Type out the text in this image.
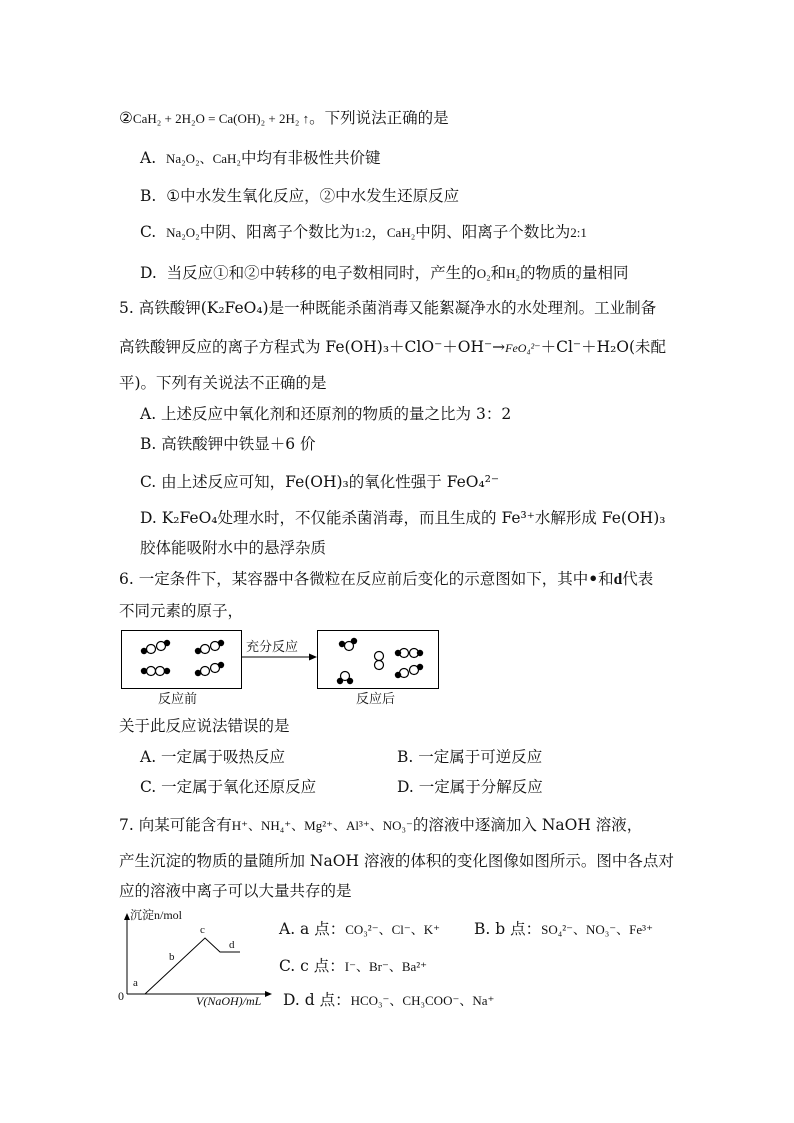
②CaH₂ + 2H₂O = Ca(OH)₂ + 2H₂ ↑。下列说法正确的是
A. Na₂O₂、CaH₂中均有非极性共价键
B. ①中水发生氧化反应，②中水发生还原反应
C. Na₂O₂中阴、阳离子个数比为1:2，CaH₂中阴、阳离子个数比为2:1
D. 当反应①和②中转移的电子数相同时，产生的O₂和H₂的物质的量相同
5. 高铁酸钾(K₂FeO₄)是一种既能杀菌消毒又能絮凝净水的水处理剂。工业制备
高铁酸钾反应的离子方程式为 Fe(OH)₃＋ClO⁻＋OH⁻→FeO₄²⁻＋Cl⁻＋H₂O(未配
平)。下列有关说法不正确的是
A. 上述反应中氧化剂和还原剂的物质的量之比为 3：2
B. 高铁酸钾中铁显＋6 价
C. 由上述反应可知，Fe(OH)₃的氧化性强于 FeO₄²⁻
D. K₂FeO₄处理水时，不仅能杀菌消毒，而且生成的 Fe³⁺水解形成 Fe(OH)₃
胶体能吸附水中的悬浮杂质
6. 一定条件下，某容器中各微粒在反应前后变化的示意图如下，其中•和d代表
不同元素的原子，
充分反应
反应前	反应后
关于此反应说法错误的是
A. 一定属于吸热反应	B. 一定属于可逆反应
C. 一定属于氧化还原反应	D. 一定属于分解反应
7. 向某可能含有H⁺、NH₄⁺、Mg²⁺、Al³⁺、NO₃⁻的溶液中逐滴加入 NaOH 溶液，
产生沉淀的物质的量随所加 NaOH 溶液的体积的变化图像如图所示。图中各点对
应的溶液中离子可以大量共存的是
沉淀n/mol
V(NaOH)/mL
0
a
b
c
d
A. a 点：CO₃²⁻、Cl⁻、K⁺ B. b 点：SO₄²⁻、NO₃⁻、Fe³⁺
C. c 点：I⁻、Br⁻、Ba²⁺
D. d 点：HCO₃⁻、CH₃COO⁻、Na⁺
